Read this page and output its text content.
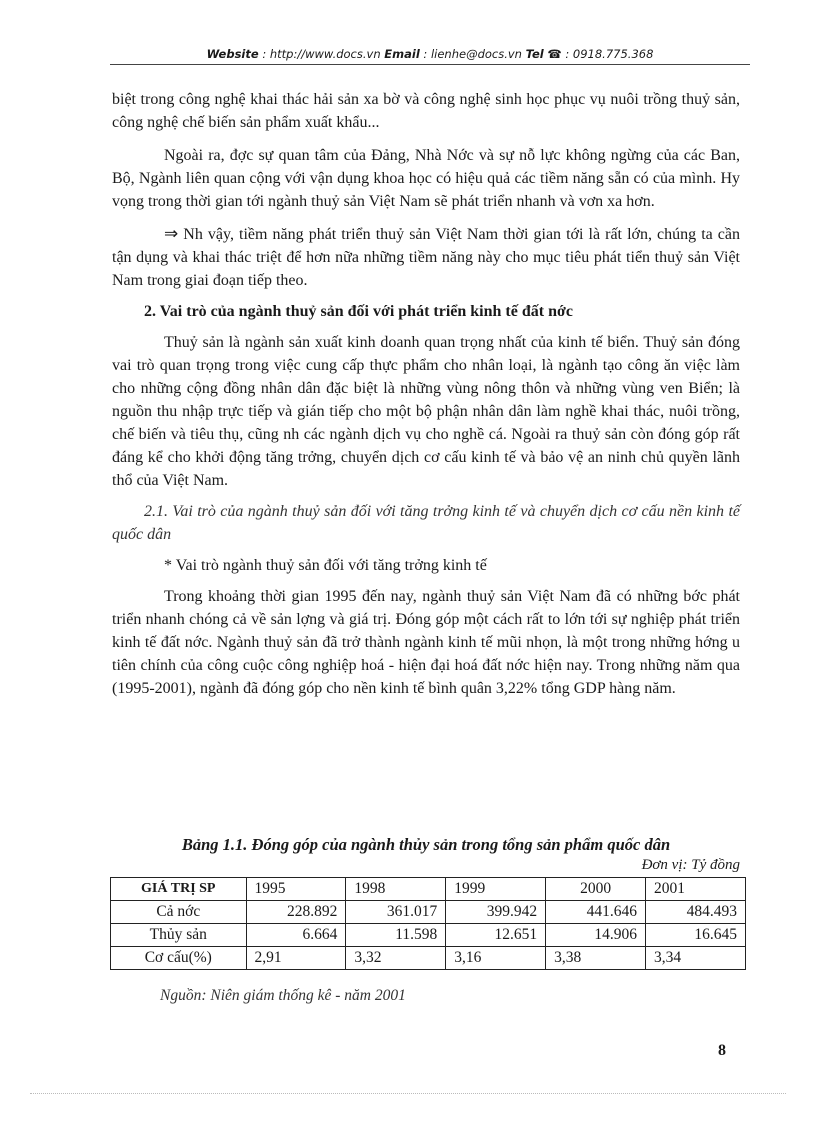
Website : http://www.docs.vn Email : lienhe@docs.vn Tel ☎ : 0918.775.368

biệt trong công nghệ khai thác hải sản xa bờ và công nghệ sinh học phục vụ nuôi trồng thuỷ sản, công nghệ chế biến sản phẩm xuất khẩu...

Ngoài ra, đợc sự quan tâm của Đảng, Nhà Nớc và sự nỗ lực không ngừng của các Ban, Bộ, Ngành liên quan cộng với vận dụng khoa học có hiệu quả các tiềm năng sẵn có của mình. Hy vọng trong thời gian tới ngành thuỷ sản Việt Nam sẽ phát triển nhanh và vơn xa hơn.

⇒ Nh vậy, tiềm năng phát triển thuỷ sản Việt Nam thời gian tới là rất lớn, chúng ta cần tận dụng và khai thác triệt để hơn nữa những tiềm năng này cho mục tiêu phát tiển thuỷ sản Việt Nam trong giai đoạn tiếp theo.

2. Vai trò của ngành thuỷ sản đối với phát triển kinh tế đất nớc

Thuỷ sản là ngành sản xuất kinh doanh quan trọng nhất của kinh tế biển. Thuỷ sản đóng vai trò quan trọng trong việc cung cấp thực phẩm cho nhân loại, là ngành tạo công ăn việc làm cho những cộng đồng nhân dân đặc biệt là những vùng nông thôn và những vùng ven Biển; là nguồn thu nhập trực tiếp và gián tiếp cho một bộ phận nhân dân làm nghề khai thác, nuôi trồng, chế biến và tiêu thụ, cũng nh các ngành dịch vụ cho nghề cá. Ngoài ra thuỷ sản còn đóng góp rất đáng kể cho khởi động tăng trởng, chuyển dịch cơ cấu kinh tế và bảo vệ an ninh chủ quyền lãnh thổ của Việt Nam.

2.1. Vai trò của ngành thuỷ sản đối với tăng trởng kinh tế và chuyển dịch cơ cấu nền kinh tế quốc dân

* Vai trò ngành thuỷ sản đối với tăng trởng kinh tế

Trong khoảng thời gian 1995 đến nay, ngành thuỷ sản Việt Nam đã có những bớc phát triển nhanh chóng cả về sản lợng và giá trị. Đóng góp một cách rất to lớn tới sự nghiệp phát triển kinh tế đất nớc. Ngành thuỷ sản đã trở thành ngành kinh tế mũi nhọn, là một trong những hớng u tiên chính của công cuộc công nghiệp hoá - hiện đại hoá đất nớc hiện nay. Trong những năm qua (1995-2001), ngành đã đóng góp cho nền kinh tế bình quân 3,22% tổng GDP hàng năm.

Bảng 1.1. Đóng góp của ngành thủy sản trong tổng sản phẩm quốc dân
Đơn vị: Tỷ đồng
GIÁ TRỊ SP	1995	1998	1999	2000	2001
Cả nớc	228.892	361.017	399.942	441.646	484.493
Thủy sản	6.664	11.598	12.651	14.906	16.645
Cơ cấu(%)	2,91	3,32	3,16	3,38	3,34
Nguồn: Niên giám thống kê - năm 2001
8
